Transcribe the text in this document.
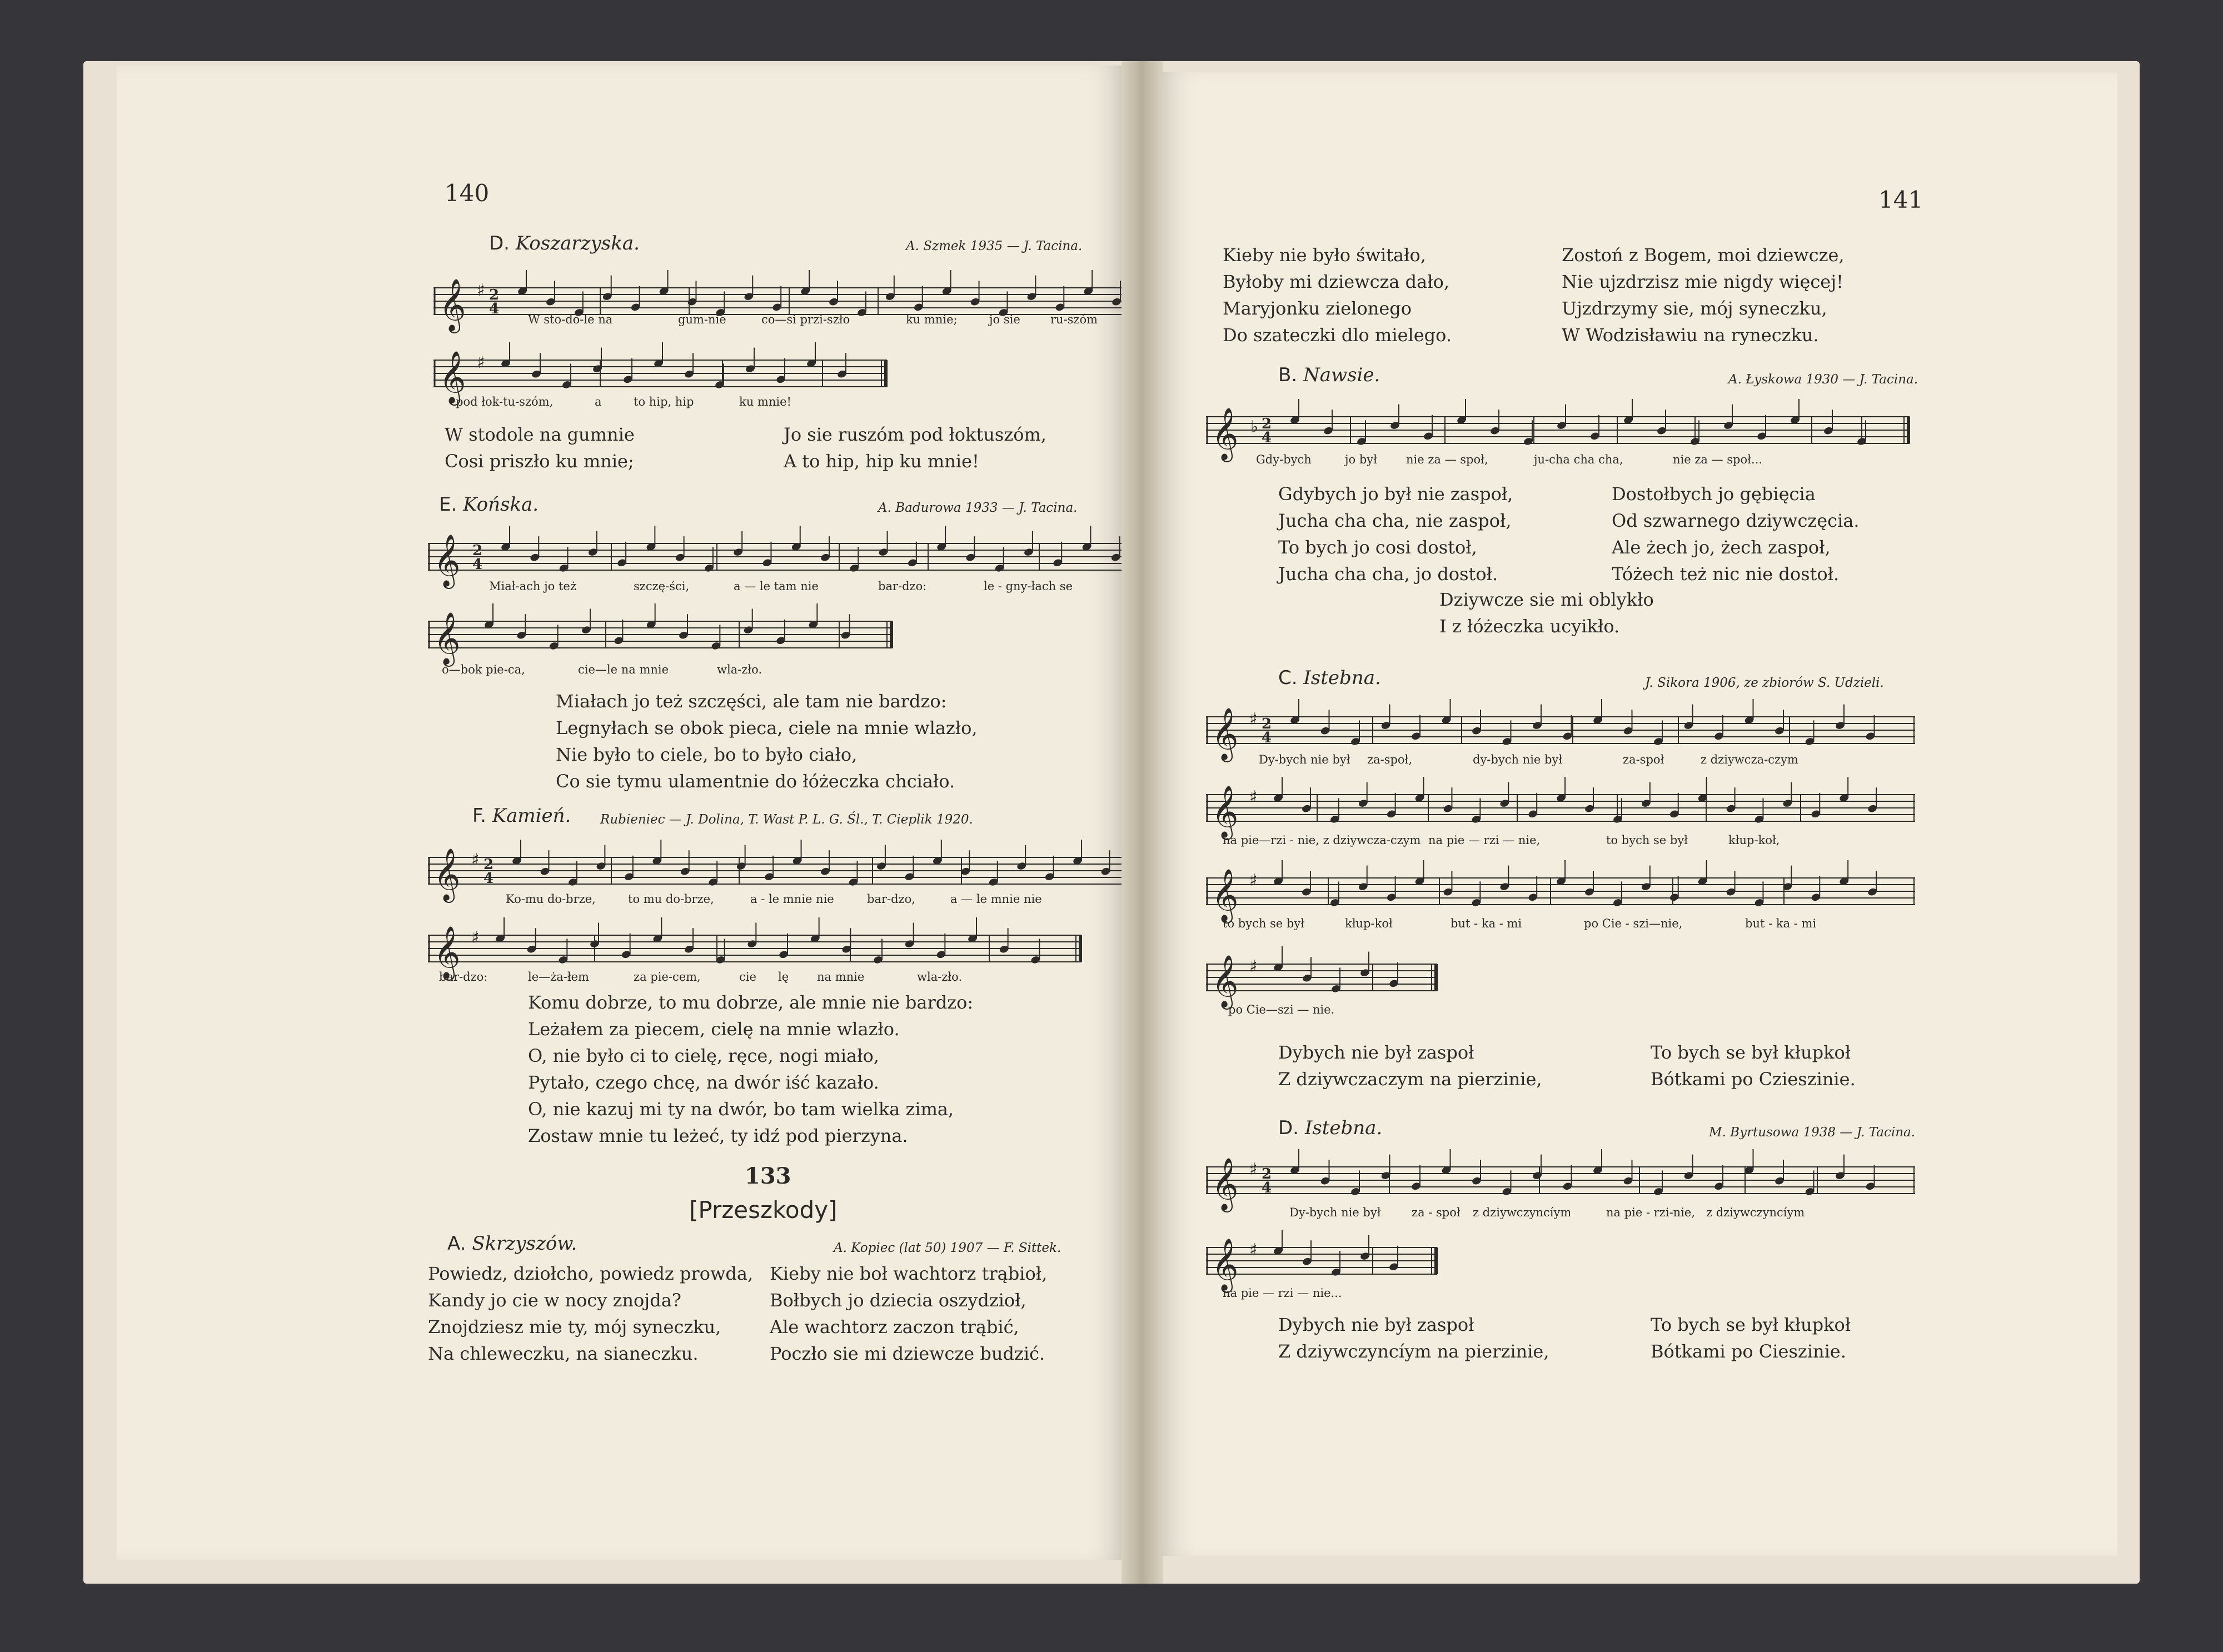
140
D. Koszarzyska.	A. Szmek 1935 — J. Tacina.
𝄞 ♯ 2
4
W sto-do-le na	gum-nie	co—si przi-szło	ku mnie;	jo sie	ru-szóm
𝄞 ♯
pod łok-tu-szóm,	a	to hip, hip	ku mnie!
W stodole na gumnie
Cosi priszło ku mnie;
Jo sie ruszóm pod łoktuszóm,
A to hip, hip ku mnie!
E. Końska.	A. Badurowa 1933 — J. Tacina.
𝄞 2
4
Miał-ach jo też	szczę-ści,	a — le tam nie	bar-dzo:	le - gny-łach se
𝄞
o—bok pie-ca,	cie—le na mnie	wla-zło.
Miałach jo też szczęści, ale tam nie bardzo:
Legnyłach se obok pieca, ciele na mnie wlazło,
Nie było to ciele, bo to było ciało,
Co sie tymu ulamentnie do łóżeczka chciało.
F. Kamień. Rubieniec — J. Dolina, T. Wast P. L. G. Śl., T. Cieplik 1920.
𝄞 ♯ 2
4
Ko-mu do-brze,	to mu do-brze,	a - le mnie nie	bar-dzo,	a — le mnie nie
𝄞 ♯
bar-dzo:	le—ża-łem	za pie-cem,	cie lę na mnie	wla-zło.
Komu dobrze, to mu dobrze, ale mnie nie bardzo:
Leżałem za piecem, cielę na mnie wlazło.
O, nie było ci to cielę, ręce, nogi miało,
Pytało, czego chcę, na dwór iść kazało.
O, nie kazuj mi ty na dwór, bo tam wielka zima,
Zostaw mnie tu leżeć, ty idź pod pierzyna.
133
[Przeszkody]
A. Skrzyszów.	A. Kopiec (lat 50) 1907 — F. Sittek.
Powiedz, dziołcho, powiedz prowda,
Kandy jo cie w nocy znojda?
Znojdziesz mie ty, mój syneczku,
Na chleweczku, na sianeczku.
Kieby nie boł wachtorz trąbioł,
Bołbych jo dziecia oszydzioł,
Ale wachtorz zaczon trąbić,
Poczło sie mi dziewcze budzić.
141
Kieby nie było świtało,
Byłoby mi dziewcza dało,
Maryjonku zielonego
Do szateczki dlo mielego.
Zostoń z Bogem, moi dziewcze,
Nie ujzdrzisz mie nigdy więcej!
Ujzdrzymy sie, mój syneczku,
W Wodzisławiu na ryneczku.
B. Nawsie.	A. Łyskowa 1930 — J. Tacina.
𝄞 ♭ 2
4
Gdy-bych	jo był nie za — społ,	ju-cha cha cha,	nie za — społ...
Gdybych jo był nie zaspoł,
Jucha cha cha, nie zaspoł,
To bych jo cosi dostoł,
Jucha cha cha, jo dostoł.
Dostołbych jo gębięcia
Od szwarnego dziywczęcia.
Ale żech jo, żech zaspoł,
Tóżech też nic nie dostoł.
Dziywcze sie mi oblykło
I z łóżeczka ucyikło.
C. Istebna.	J. Sikora 1906, ze zbiorów S. Udzieli.
𝄞 ♯ 2
4
Dy-bych nie był za-społ,	dy-bych nie był	za-społ	z dziywcza-czym
𝄞 ♯
na pie—rzi - nie, z dziywcza-czym na pie — rzi — nie,	to bych se był	kłup-koł,
𝄞 ♯
to bych se był	kłup-koł	but - ka - mi	po Cie - szi—nie,	but - ka - mi
𝄞 ♯
po Cie—szi — nie.
Dybych nie był zaspoł
Z dziywczaczym na pierzinie,
To bych se był kłupkoł
Bótkami po Czieszinie.
D. Istebna.	M. Byrtusowa 1938 — J. Tacina.
𝄞 ♯ 2
4
Dy-bych nie był	za - społ z dziywczyncíym	na pie - rzi-nie, z dziywczyncíym
𝄞 ♯
na pie — rzi — nie...
Dybych nie był zaspoł
Z dziywczyncíym na pierzinie,
To bych se był kłupkoł
Bótkami po Cieszinie.
